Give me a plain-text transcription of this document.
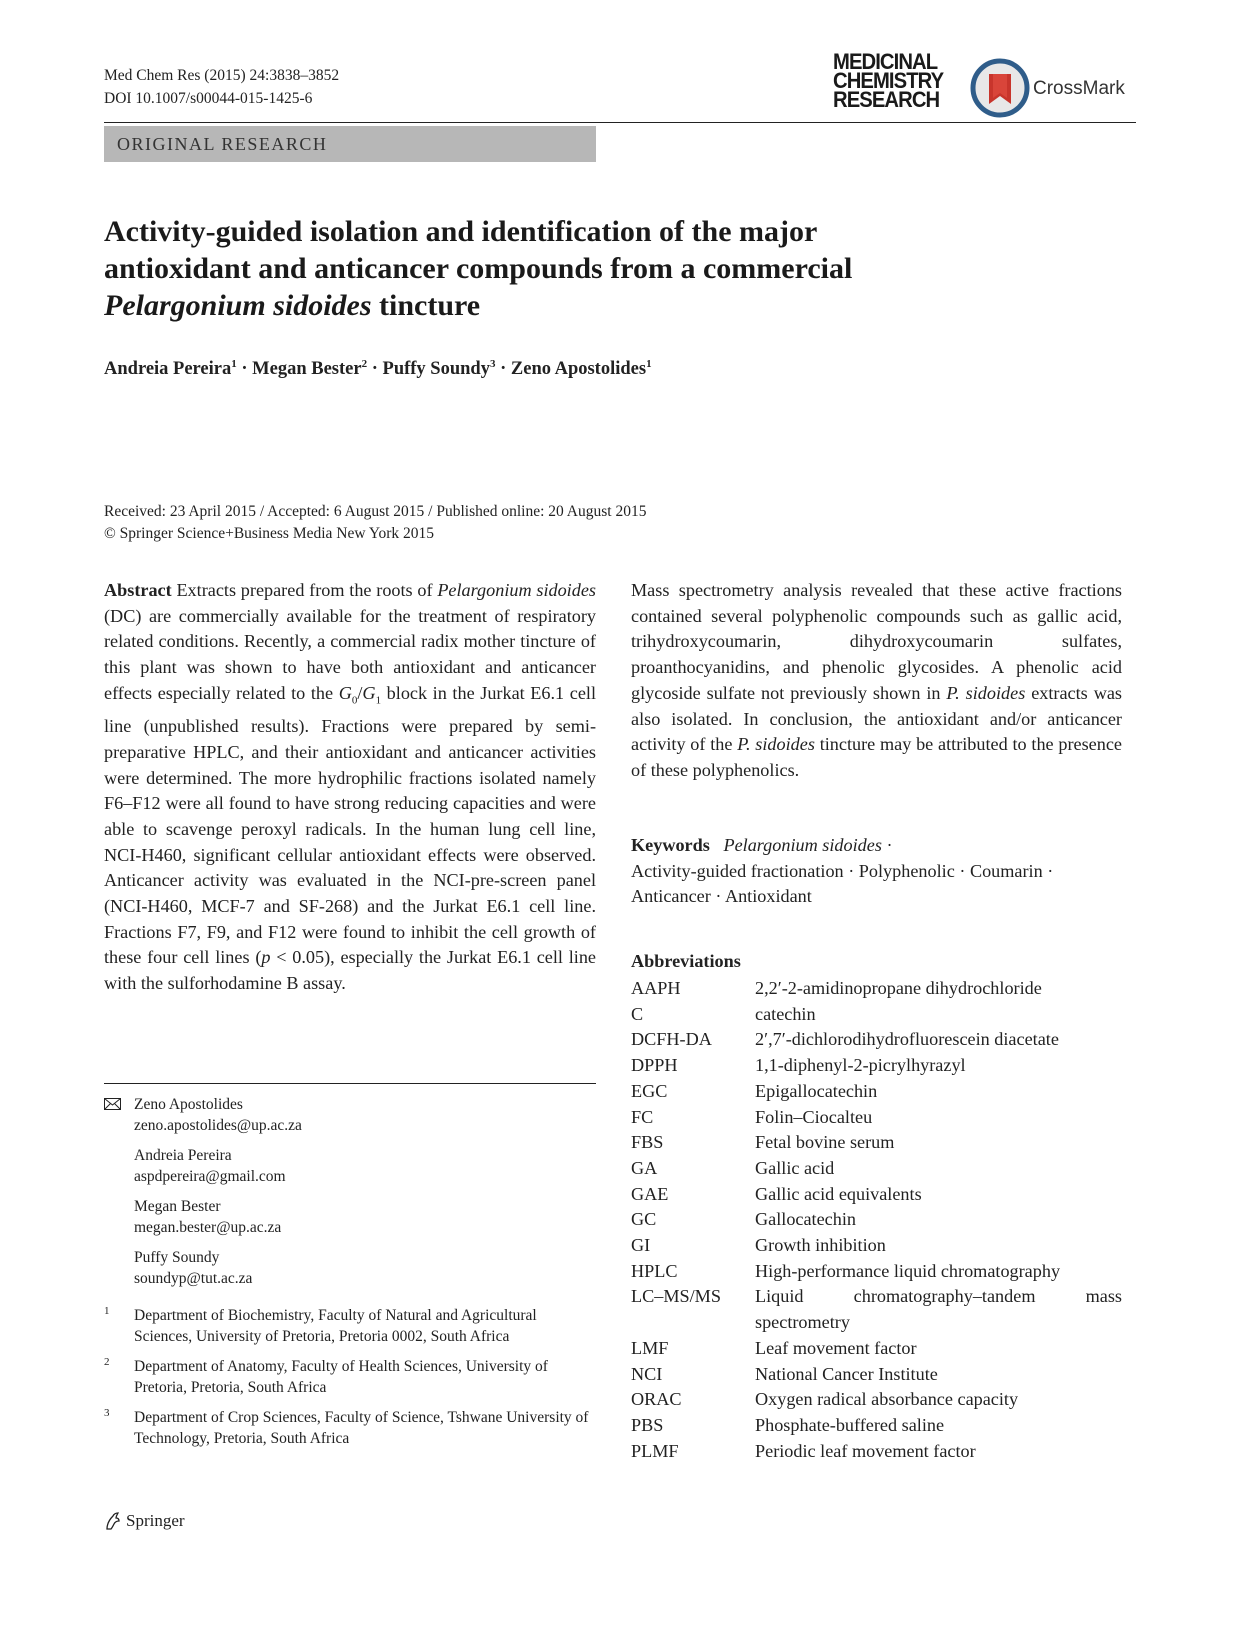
Med Chem Res (2015) 24:3838–3852
DOI 10.1007/s00044-015-1425-6
MEDICINAL
CHEMISTRY
RESEARCH	CrossMark
ORIGINAL RESEARCH
Activity-guided isolation and identification of the major
antioxidant and anticancer compounds from a commercial
Pelargonium sidoides tincture
Andreia Pereira$^1$ · Megan Bester$^2$ · Puffy Soundy$^3$ · Zeno Apostolides$^1$
Received: 23 April 2015 / Accepted: 6 August 2015 / Published online: 20 August 2015
© Springer Science+Business Media New York 2015

Abstract Extracts prepared from the roots of Pelargonium sidoides (DC) are commercially available for the treatment of respiratory related conditions. Recently, a commercial radix mother tincture of this plant was shown to have both antioxidant and anticancer effects especially related to the $G_0/G_1$ block in the Jurkat E6.1 cell line (unpublished results). Fractions were prepared by semi-preparative HPLC, and their antioxidant and anticancer activities were determined. The more hydrophilic fractions isolated namely F6–F12 were all found to have strong reducing capacities and were able to scavenge peroxyl radicals. In the human lung cell line, NCI-H460, significant cellular antioxidant effects were observed. Anticancer activity was evaluated in the NCI-pre-screen panel (NCI-H460, MCF-7 and SF-268) and the Jurkat E6.1 cell line. Fractions F7, F9, and F12 were found to inhibit the cell growth of these four cell lines (p < 0.05), especially the Jurkat E6.1 cell line with the sulforhodamine B assay.

Mass spectrometry analysis revealed that these active fractions contained several polyphenolic compounds such as gallic acid, trihydroxycoumarin, dihydroxycoumarin sulfates, proanthocyanidins, and phenolic glycosides. A phenolic acid glycoside sulfate not previously shown in P. sidoides extracts was also isolated. In conclusion, the antioxidant and/or anticancer activity of the P. sidoides tincture may be attributed to the presence of these polyphenolics.

Keywords Pelargonium sidoides ·
Activity-guided fractionation · Polyphenolic · Coumarin ·
Anticancer · Antioxidant
Abbreviations
AAPH	2,2′-2-amidinopropane dihydrochloride
C	catechin
DCFH-DA	2′,7′-dichlorodihydrofluorescein diacetate
DPPH	1,1-diphenyl-2-picrylhyrazyl
EGC	Epigallocatechin
FC	Folin–Ciocalteu
FBS	Fetal bovine serum
GA	Gallic acid
GAE	Gallic acid equivalents
GC	Gallocatechin
GI	Growth inhibition
HPLC	High-performance liquid chromatography
LC–MS/MS	Liquid chromatography–tandem mass spectrometry
LMF	Leaf movement factor
NCI	National Cancer Institute
ORAC	Oxygen radical absorbance capacity
PBS	Phosphate-buffered saline
PLMF	Periodic leaf movement factor
Zeno Apostolides
zeno.apostolides@up.ac.za
Andreia Pereira
aspdpereira@gmail.com
Megan Bester
megan.bester@up.ac.za
Puffy Soundy
soundyp@tut.ac.za
1 Department of Biochemistry, Faculty of Natural and Agricultural Sciences, University of Pretoria, Pretoria 0002, South Africa
2 Department of Anatomy, Faculty of Health Sciences, University of Pretoria, Pretoria, South Africa
3 Department of Crop Sciences, Faculty of Science, Tshwane University of Technology, Pretoria, South Africa
Springer
